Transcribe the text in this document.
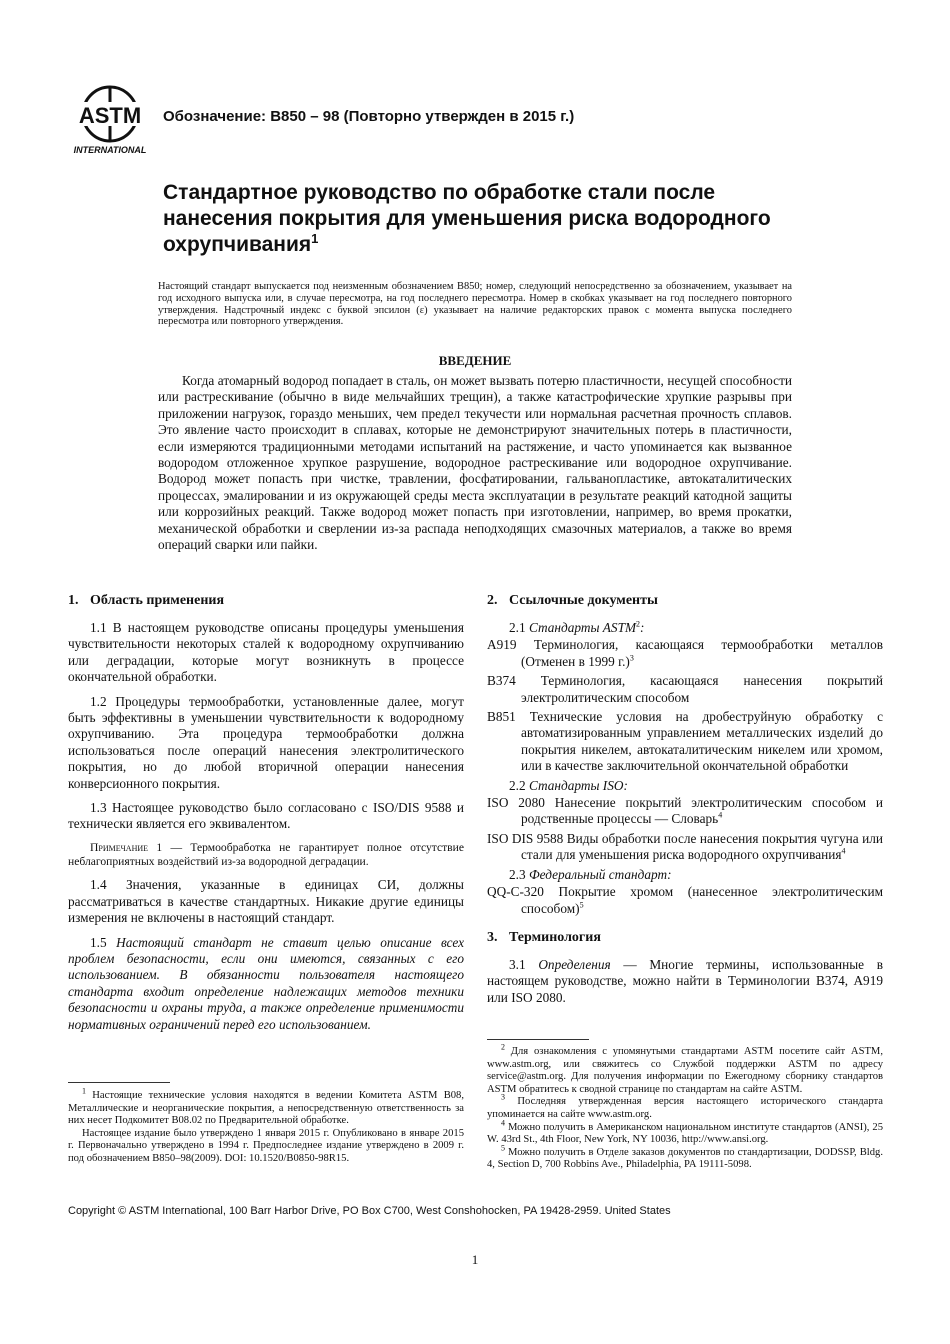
ASTM
INTERNATIONAL
Обозначение: B850 – 98 (Повторно утвержден в 2015 г.)
Стандартное руководство по обработке стали после нанесения покрытия для уменьшения риска водородного охрупчивания$^1$
Настоящий стандарт выпускается под неизменным обозначением B850; номер, следующий непосредственно за обозначением, указывает на год исходного выпуска или, в случае пересмотра, на год последнего пересмотра. Номер в скобках указывает на год последнего повторного утверждения. Надстрочный индекс с буквой эпсилон (ε) указывает на наличие редакторских правок с момента выпуска последнего пересмотра или повторного утверждения.
ВВЕДЕНИЕ
Когда атомарный водород попадает в сталь, он может вызвать потерю пластичности, несущей способности или растрескивание (обычно в виде мельчайших трещин), а также катастрофические хрупкие разрывы при приложении нагрузок, гораздо меньших, чем предел текучести или нормальная расчетная прочность сплавов. Это явление часто происходит в сплавах, которые не демонстрируют значительных потерь в пластичности, если измеряются традиционными методами испытаний на растяжение, и часто упоминается как вызванное водородом отложенное хрупкое разрушение, водородное растрескивание или водородное охрупчивание. Водород может попасть при чистке, травлении, фосфатировании, гальванопластике, автокаталитических процессах, эмалировании и из окружающей среды места эксплуатации в результате реакций катодной защиты или коррозийных реакций. Также водород может попасть при изготовлении, например, во время прокатки, механической обработки и сверлении из-за распада неподходящих смазочных материалов, а также во время операций сварки или пайки.
1. Область применения

1.1 В настоящем руководстве описаны процедуры уменьшения чувствительности некоторых сталей к водородному охрупчиванию или деградации, которые могут возникнуть в процессе окончательной обработки.

1.2 Процедуры термообработки, установленные далее, могут быть эффективны в уменьшении чувствительности к водородному охрупчиванию. Эта процедура термообработки должна использоваться после операций нанесения электролитического покрытия, но до любой вторичной операции нанесения конверсионного покрытия.

1.3 Настоящее руководство было согласовано с ISO/DIS 9588 и технически является его эквивалентом.

Примечание 1 — Термообработка не гарантирует полное отсутствие неблагоприятных воздействий из-за водородной деградации.

1.4 Значения, указанные в единицах СИ, должны рассматриваться в качестве стандартных. Никакие другие единицы измерения не включены в настоящий стандарт.

1.5 Настоящий стандарт не ставит целью описание всех проблем безопасности, если они имеются, связанных с его использованием. В обязанности пользователя настоящего стандарта входит определение надлежащих методов техники безопасности и охраны труда, а также определение применимости нормативных ограничений перед его использованием.

2. Ссылочные документы
2.1 Стандарты ASTM$^2$:
A919 Терминология, касающаяся термообработки металлов (Отменен в 1999 г.)$^3$
B374 Терминология, касающаяся нанесения покрытий электролитическим способом
B851 Технические условия на дробеструйную обработку с автоматизированным управлением металлических изделий до покрытия никелем, автокаталитическим никелем или хромом, или в качестве заключительной окончательной обработки
2.2 Стандарты ISO:
ISO 2080 Нанесение покрытий электролитическим способом и родственные процессы — Словарь$^4$
ISO DIS 9588 Виды обработки после нанесения покрытия чугуна или стали для уменьшения риска водородного охрупчивания$^4$
2.3 Федеральный стандарт:
QQ-C-320 Покрытие хромом (нанесенное электролитическим способом)$^5$
3. Терминология

3.1 Определения — Многие термины, использованные в настоящем руководстве, можно найти в Терминологии B374, A919 или ISO 2080.

$^1$ Настоящие технические условия находятся в ведении Комитета ASTM B08, Металлические и неорганические покрытия, а непосредственную ответственность за них несет Подкомитет B08.02 по Предварительной обработке.

Настоящее издание было утверждено 1 января 2015 г. Опубликовано в январе 2015 г. Первоначально утверждено в 1994 г. Предпоследнее издание утверждено в 2009 г. под обозначением B850–98(2009). DOI: 10.1520/B0850-98R15.

$^2$ Для ознакомления с упомянутыми стандартами ASTM посетите сайт ASTM, www.astm.org, или свяжитесь со Службой поддержки ASTM по адресу service@astm.org. Для получения информации по Ежегодному сборнику стандартов ASTM обратитесь к сводной странице по стандартам на сайте ASTM.

$^3$ Последняя утвержденная версия настоящего исторического стандарта упоминается на сайте www.astm.org.

$^4$ Можно получить в Американском национальном институте стандартов (ANSI), 25 W. 43rd St., 4th Floor, New York, NY 10036, http://www.ansi.org.

$^5$ Можно получить в Отделе заказов документов по стандартизации, DODSSP, Bldg. 4, Section D, 700 Robbins Ave., Philadelphia, PA 19111-5098.

Copyright © ASTM International, 100 Barr Harbor Drive, PO Box C700, West Conshohocken, PA 19428-2959. United States
1
